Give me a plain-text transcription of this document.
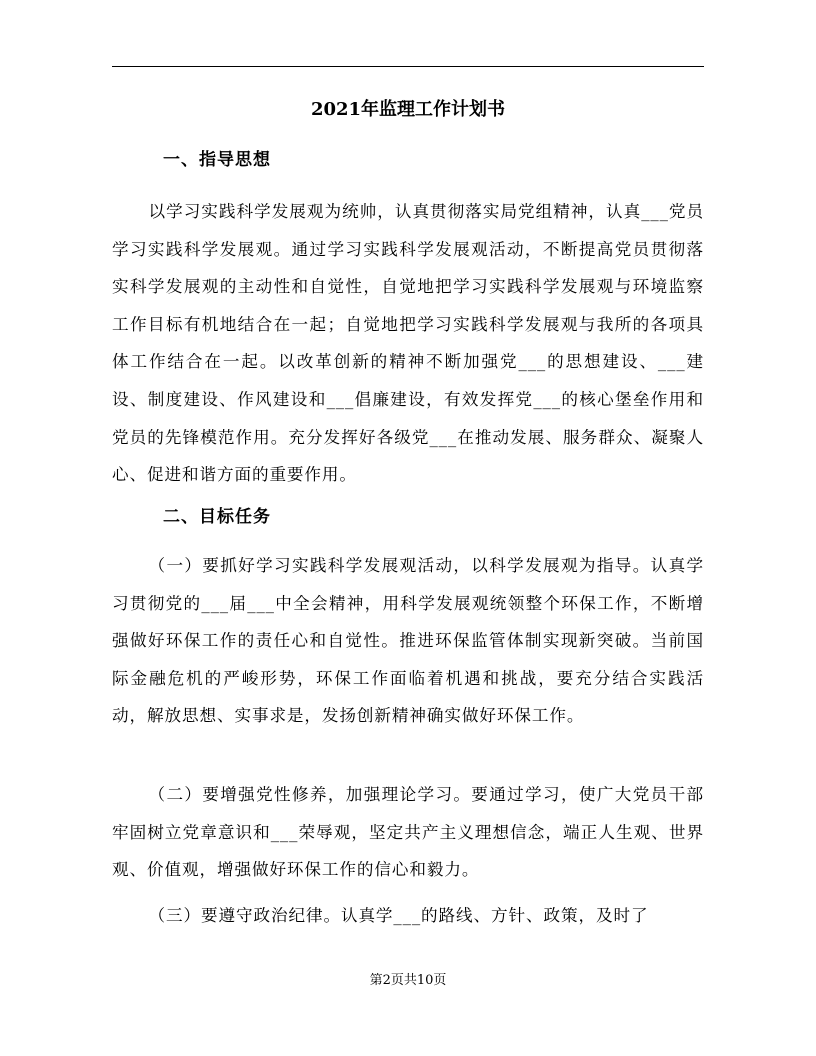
2021年监理工作计划书
一、指导思想

以学习实践科学发展观为统帅，认真贯彻落实局党组精神，认真___党员学习实践科学发展观。通过学习实践科学发展观活动，不断提高党员贯彻落实科学发展观的主动性和自觉性，自觉地把学习实践科学发展观与环境监察工作目标有机地结合在一起；自觉地把学习实践科学发展观与我所的各项具体工作结合在一起。以改革创新的精神不断加强党___的思想建设、___建设、制度建设、作风建设和___倡廉建设，有效发挥党___的核心堡垒作用和党员的先锋模范作用。充分发挥好各级党___在推动发展、服务群众、凝聚人心、促进和谐方面的重要作用。

二、目标任务

（一）要抓好学习实践科学发展观活动，以科学发展观为指导。认真学习贯彻党的___届___中全会精神，用科学发展观统领整个环保工作，不断增强做好环保工作的责任心和自觉性。推进环保监管体制实现新突破。当前国际金融危机的严峻形势，环保工作面临着机遇和挑战，要充分结合实践活动，解放思想、实事求是，发扬创新精神确实做好环保工作。

（二）要增强党性修养，加强理论学习。要通过学习，使广大党员干部牢固树立党章意识和___荣辱观，坚定共产主义理想信念，端正人生观、世界观、价值观，增强做好环保工作的信心和毅力。

（三）要遵守政治纪律。认真学___的路线、方针、政策，及时了

第2页共10页
